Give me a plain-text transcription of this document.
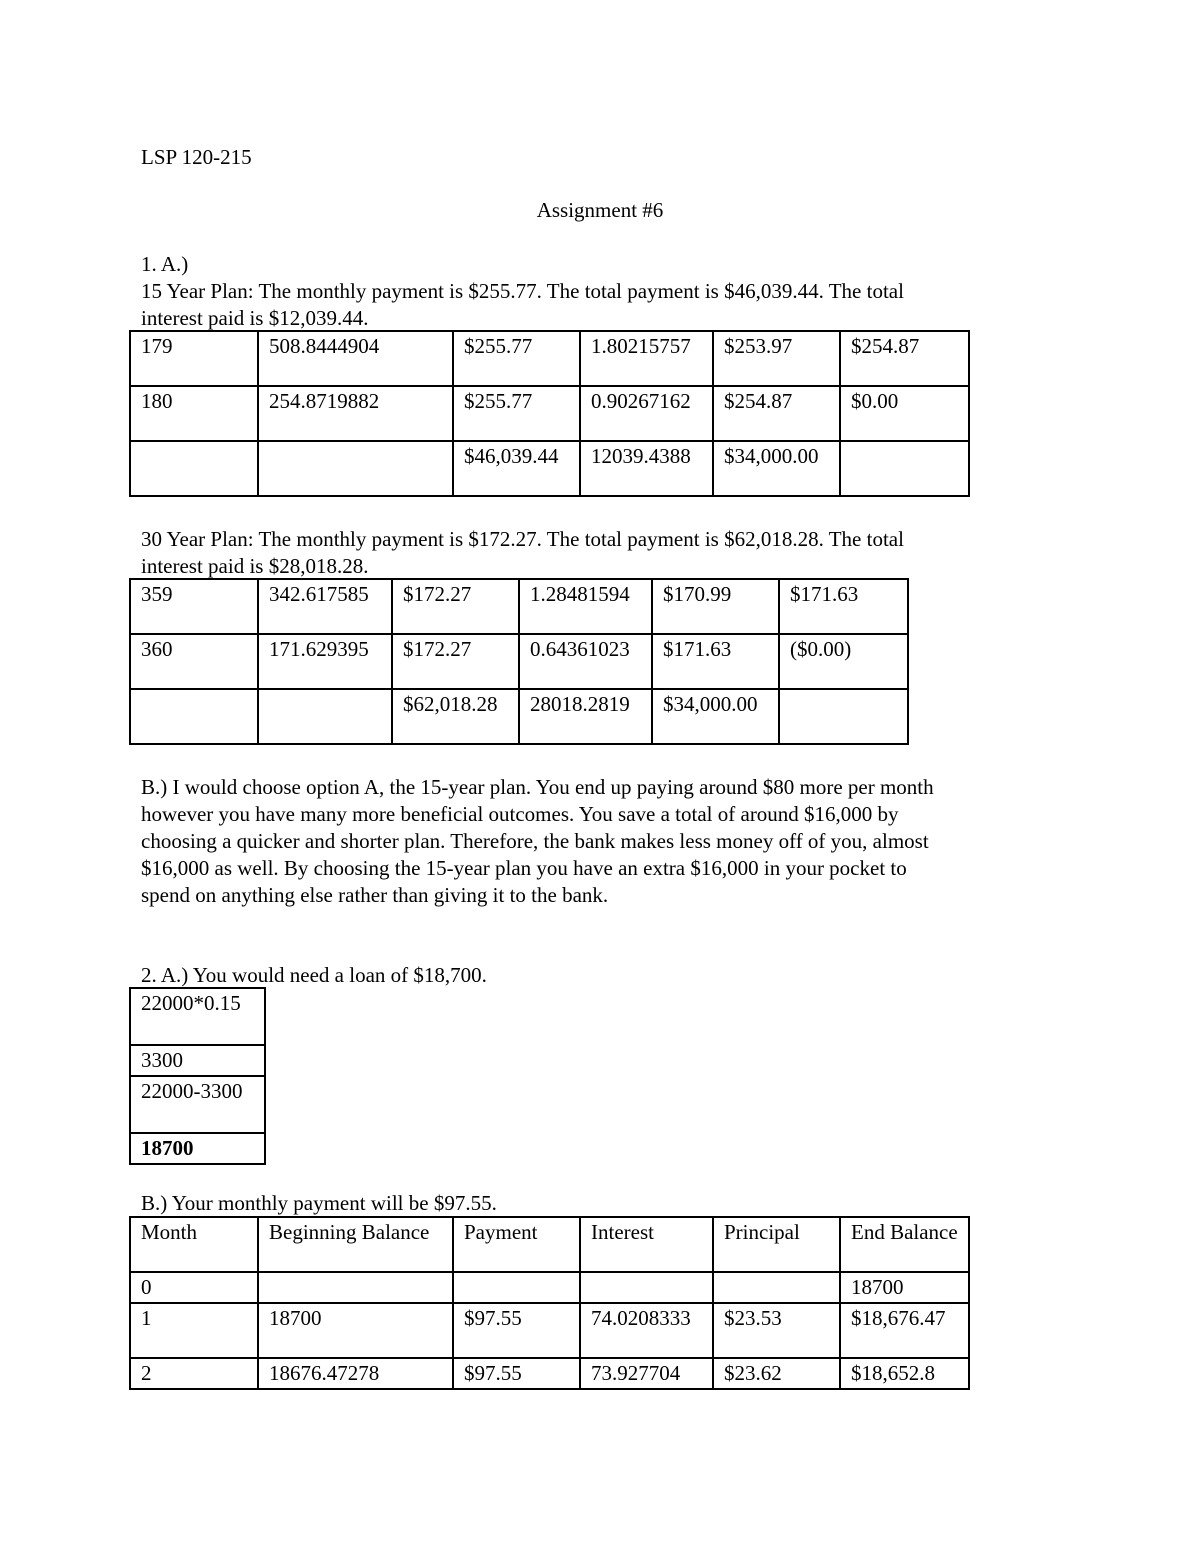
LSP 120-215
Assignment #6
1. A.)
15 Year Plan: The monthly payment is $255.77. The total payment is $46,039.44. The total
interest paid is $12,039.44.
179	508.8444904	$255.77	1.80215757	$253.97	$254.87
180	254.8719882	$255.77	0.90267162	$254.87	$0.00
		$46,039.44	12039.4388	$34,000.00	
30 Year Plan: The monthly payment is $172.27. The total payment is $62,018.28. The total
interest paid is $28,018.28.
359	342.617585	$172.27	1.28481594	$170.99	$171.63
360	171.629395	$172.27	0.64361023	$171.63	($0.00)
		$62,018.28	28018.2819	$34,000.00	
B.) I would choose option A, the 15-year plan. You end up paying around $80 more per month
however you have many more beneficial outcomes. You save a total of around $16,000 by
choosing a quicker and shorter plan. Therefore, the bank makes less money off of you, almost
$16,000 as well. By choosing the 15-year plan you have an extra $16,000 in your pocket to
spend on anything else rather than giving it to the bank.
2. A.) You would need a loan of $18,700.
22000*0.15
3300
22000-3300
18700
B.) Your monthly payment will be $97.55.
Month	Beginning Balance	Payment	Interest	Principal	End Balance
0					18700
1	18700	$97.55	74.0208333	$23.53	$18,676.47
2	18676.47278	$97.55	73.927704	$23.62	$18,652.8
